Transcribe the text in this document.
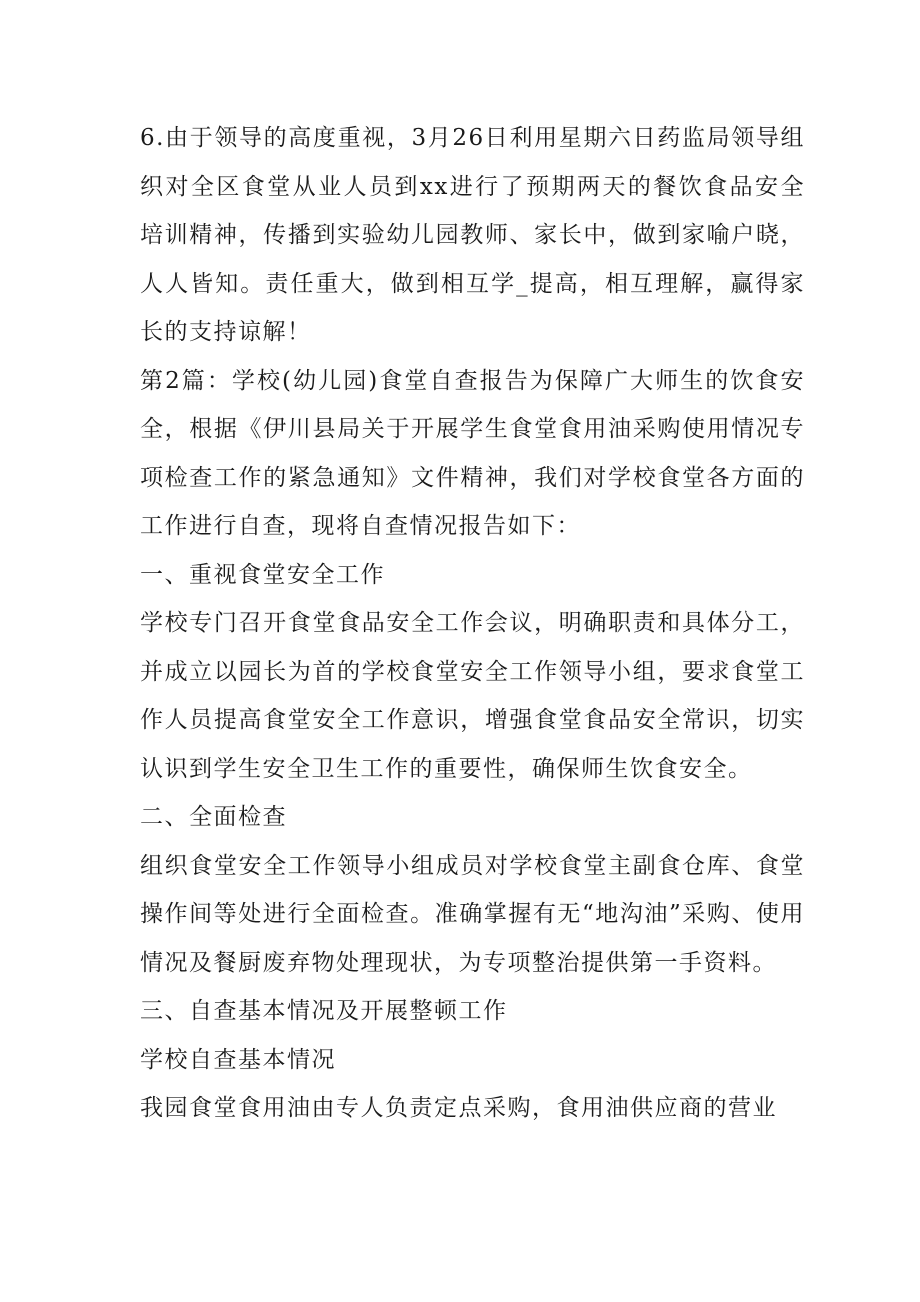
6.由于领导的高度重视，3月26日利用星期六日药监局领导组织对全区食堂从业人员到xx进行了预期两天的餐饮食品安全培训精神，传播到实验幼儿园教师、家长中，做到家喻户晓，人人皆知。责任重大，做到相互学_提高，相互理解，赢得家长的支持谅解！

第2篇：学校(幼儿园)食堂自查报告为保障广大师生的饮食安全，根据《伊川县局关于开展学生食堂食用油采购使用情况专项检查工作的紧急通知》文件精神，我们对学校食堂各方面的工作进行自查，现将自查情况报告如下：

一、重视食堂安全工作

学校专门召开食堂食品安全工作会议，明确职责和具体分工，并成立以园长为首的学校食堂安全工作领导小组，要求食堂工作人员提高食堂安全工作意识，增强食堂食品安全常识，切实认识到学生安全卫生工作的重要性，确保师生饮食安全。

二、全面检查

组织食堂安全工作领导小组成员对学校食堂主副食仓库、食堂操作间等处进行全面检查。准确掌握有无“地沟油”采购、使用情况及餐厨废弃物处理现状，为专项整治提供第一手资料。

三、自查基本情况及开展整顿工作

学校自查基本情况

我园食堂食用油由专人负责定点采购，食用油供应商的营业
